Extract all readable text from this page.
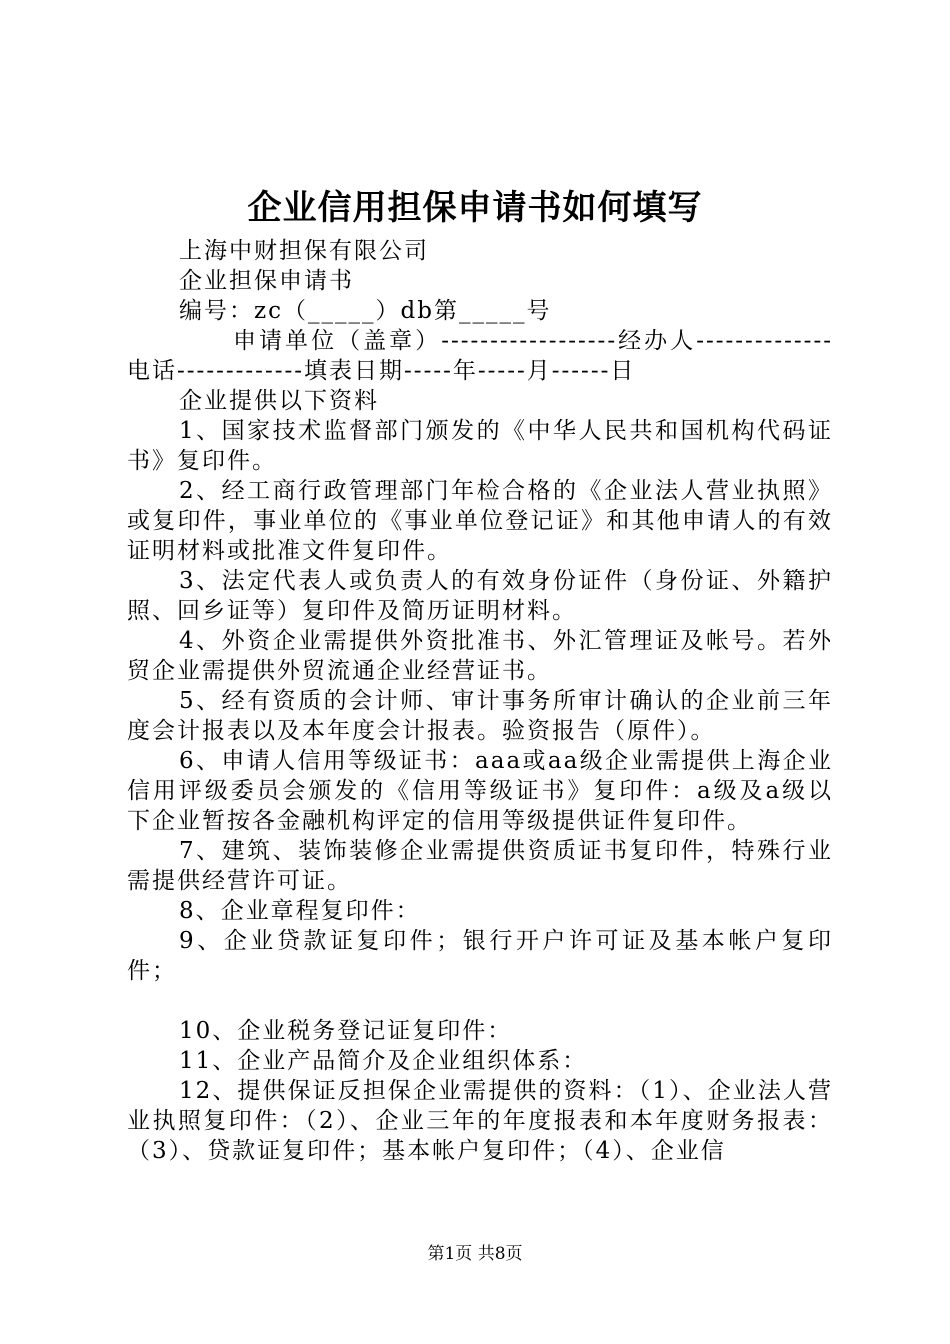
企业信用担保申请书如何填写

上海中财担保有限公司

企业担保申请书

编号：zc（_____）db第_____号

申请单位（盖章）------------------经办人--------------电话-------------填表日期-----年-----月------日

企业提供以下资料

1、国家技术监督部门颁发的《中华人民共和国机构代码证书》复印件。

2、经工商行政管理部门年检合格的《企业法人营业执照》或复印件，事业单位的《事业单位登记证》和其他申请人的有效证明材料或批准文件复印件。

3、法定代表人或负责人的有效身份证件（身份证、外籍护照、回乡证等）复印件及简历证明材料。

4、外资企业需提供外资批准书、外汇管理证及帐号。若外贸企业需提供外贸流通企业经营证书。

5、经有资质的会计师、审计事务所审计确认的企业前三年度会计报表以及本年度会计报表。验资报告（原件）。

6、申请人信用等级证书：aaa或aa级企业需提供上海企业信用评级委员会颁发的《信用等级证书》复印件：a级及a级以下企业暂按各金融机构评定的信用等级提供证件复印件。

7、建筑、装饰装修企业需提供资质证书复印件，特殊行业需提供经营许可证。

8、企业章程复印件：

9、企业贷款证复印件；银行开户许可证及基本帐户复印件；

10、企业税务登记证复印件：

11、企业产品简介及企业组织体系：

12、提供保证反担保企业需提供的资料：（1）、企业法人营业执照复印件：（2）、企业三年的年度报表和本年度财务报表：（3）、贷款证复印件；基本帐户复印件；（4）、企业信

第1页 共8页
